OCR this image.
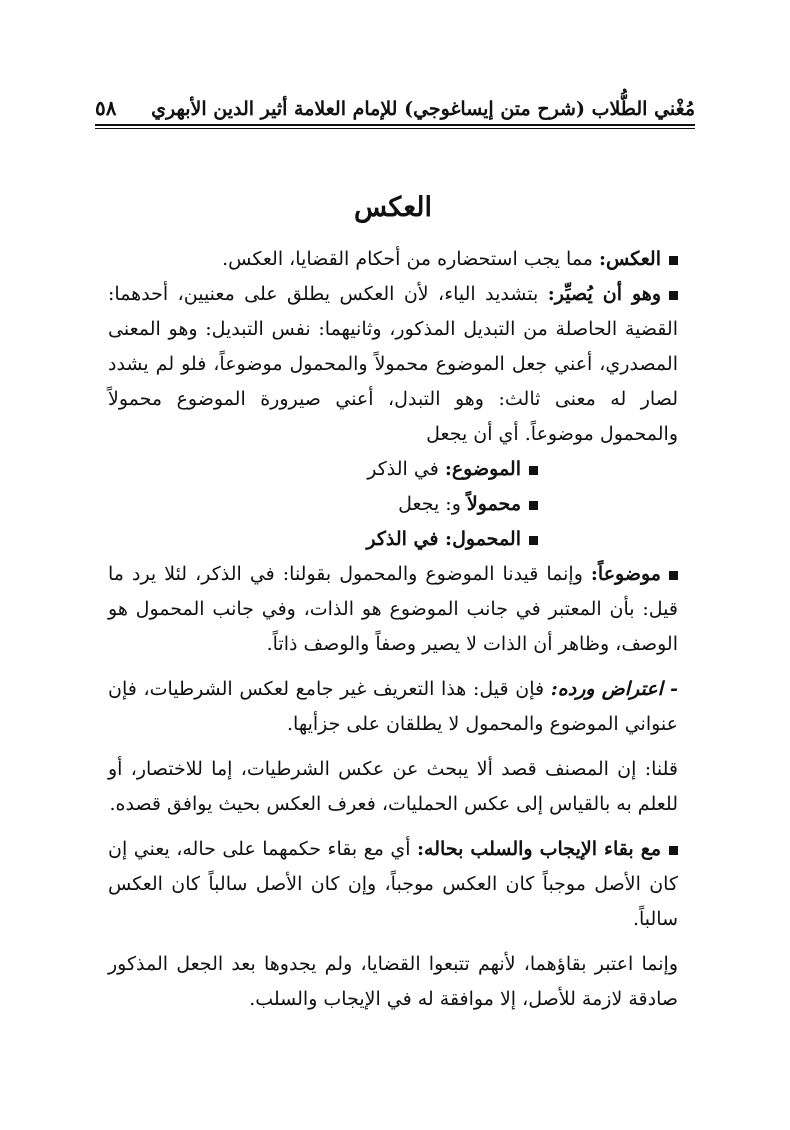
مُغْني الطُّلاب (شرح متن إيساغوجي) للإمام العلامة أثير الدين الأبهري
٥٨
العكس

العكس: مما يجب استحضاره من أحكام القضايا، العكس.

وهو أن يُصيِّر: بتشديد الياء، لأن العكس يطلق على معنيين، أحدهما: القضية الحاصلة من التبديل المذكور، وثانيهما: نفس التبديل: وهو المعنى المصدري، أعني جعل الموضوع محمولاً والمحمول موضوعاً، فلو لم يشدد لصار له معنى ثالث: وهو التبدل، أعني صيرورة الموضوع محمولاً والمحمول موضوعاً. أي أن يجعل

الموضوع: في الذكر

محمولاً و: يجعل

المحمول: في الذكر

موضوعاً: وإنما قيدنا الموضوع والمحمول بقولنا: في الذكر، لئلا يرد ما قيل: بأن المعتبر في جانب الموضوع هو الذات، وفي جانب المحمول هو الوصف، وظاهر أن الذات لا يصير وصفاً والوصف ذاتاً.

- اعتراض ورده: فإن قيل: هذا التعريف غير جامع لعكس الشرطيات، فإن عنواني الموضوع والمحمول لا يطلقان على جزأيها.

قلنا: إن المصنف قصد ألا يبحث عن عكس الشرطيات، إما للاختصار، أو للعلم به بالقياس إلى عكس الحمليات، فعرف العكس بحيث يوافق قصده.

مع بقاء الإيجاب والسلب بحاله: أي مع بقاء حكمهما على حاله، يعني إن كان الأصل موجباً كان العكس موجباً، وإن كان الأصل سالباً كان العكس سالباً.

وإنما اعتبر بقاؤهما، لأنهم تتبعوا القضايا، ولم يجدوها بعد الجعل المذكور صادقة لازمة للأصل، إلا موافقة له في الإيجاب والسلب.
